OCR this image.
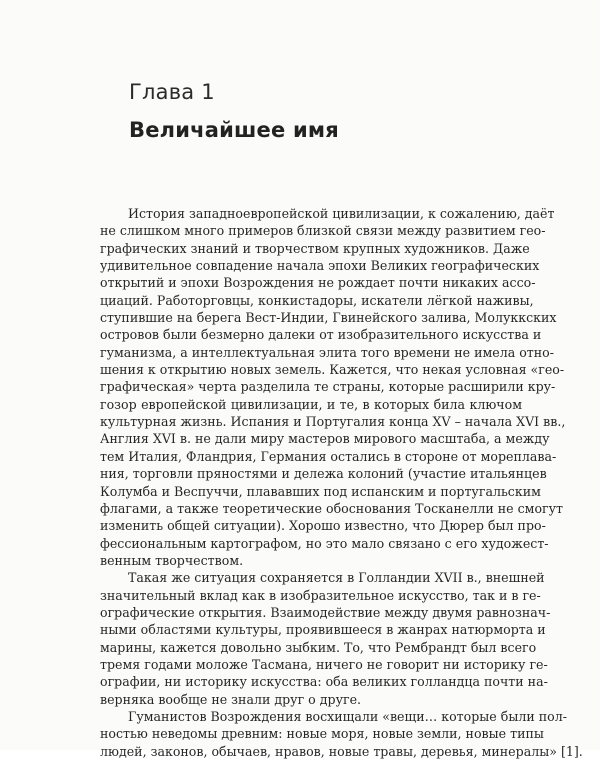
Глава 1
Величайшее имя

История западноевропейской цивилизации, к сожалению, даёт
не слишком много примеров близкой связи между развитием гео-
графических знаний и творчеством крупных художников. Даже
удивительное совпадение начала эпохи Великих географических
открытий и эпохи Возрождения не рождает почти никаких ассо-
циаций. Работорговцы, конкистадоры, искатели лёгкой наживы,
ступившие на берега Вест-Индии, Гвинейского залива, Молуккских
островов были безмерно далеки от изобразительного искусства и
гуманизма, а интеллектуальная элита того времени не имела отно-
шения к открытию новых земель. Кажется, что некая условная «гео-
графическая» черта разделила те страны, которые расширили кру-
гозор европейской цивилизации, и те, в которых била ключом
культурная жизнь. Испания и Португалия конца XV – начала XVI вв.,
Англия XVI в. не дали миру мастеров мирового масштаба, а между
тем Италия, Фландрия, Германия остались в стороне от мореплава-
ния, торговли пряностями и дележа колоний (участие итальянцев
Колумба и Веспуччи, плававших под испанским и португальским
флагами, а также теоретические обоснования Тосканелли не смогут
изменить общей ситуации). Хорошо известно, что Дюрер был про-
фессиональным картографом, но это мало связано с его художест-
венным творчеством.

Такая же ситуация сохраняется в Голландии XVII в., внешней
значительный вклад как в изобразительное искусство, так и в ге-
ографические открытия. Взаимодействие между двумя равнознач-
ными областями культуры, проявившееся в жанрах натюрморта и
марины, кажется довольно зыбким. То, что Рембрандт был всего
тремя годами моложе Тасмана, ничего не говорит ни историку ге-
ографии, ни историку искусства: оба великих голландца почти на-
верняка вообще не знали друг о друге.

Гуманистов Возрождения восхищали «вещи… которые были пол-
ностью неведомы древним: новые моря, новые земли, новые типы
людей, законов, обычаев, нравов, новые травы, деревья, минералы» [1].
